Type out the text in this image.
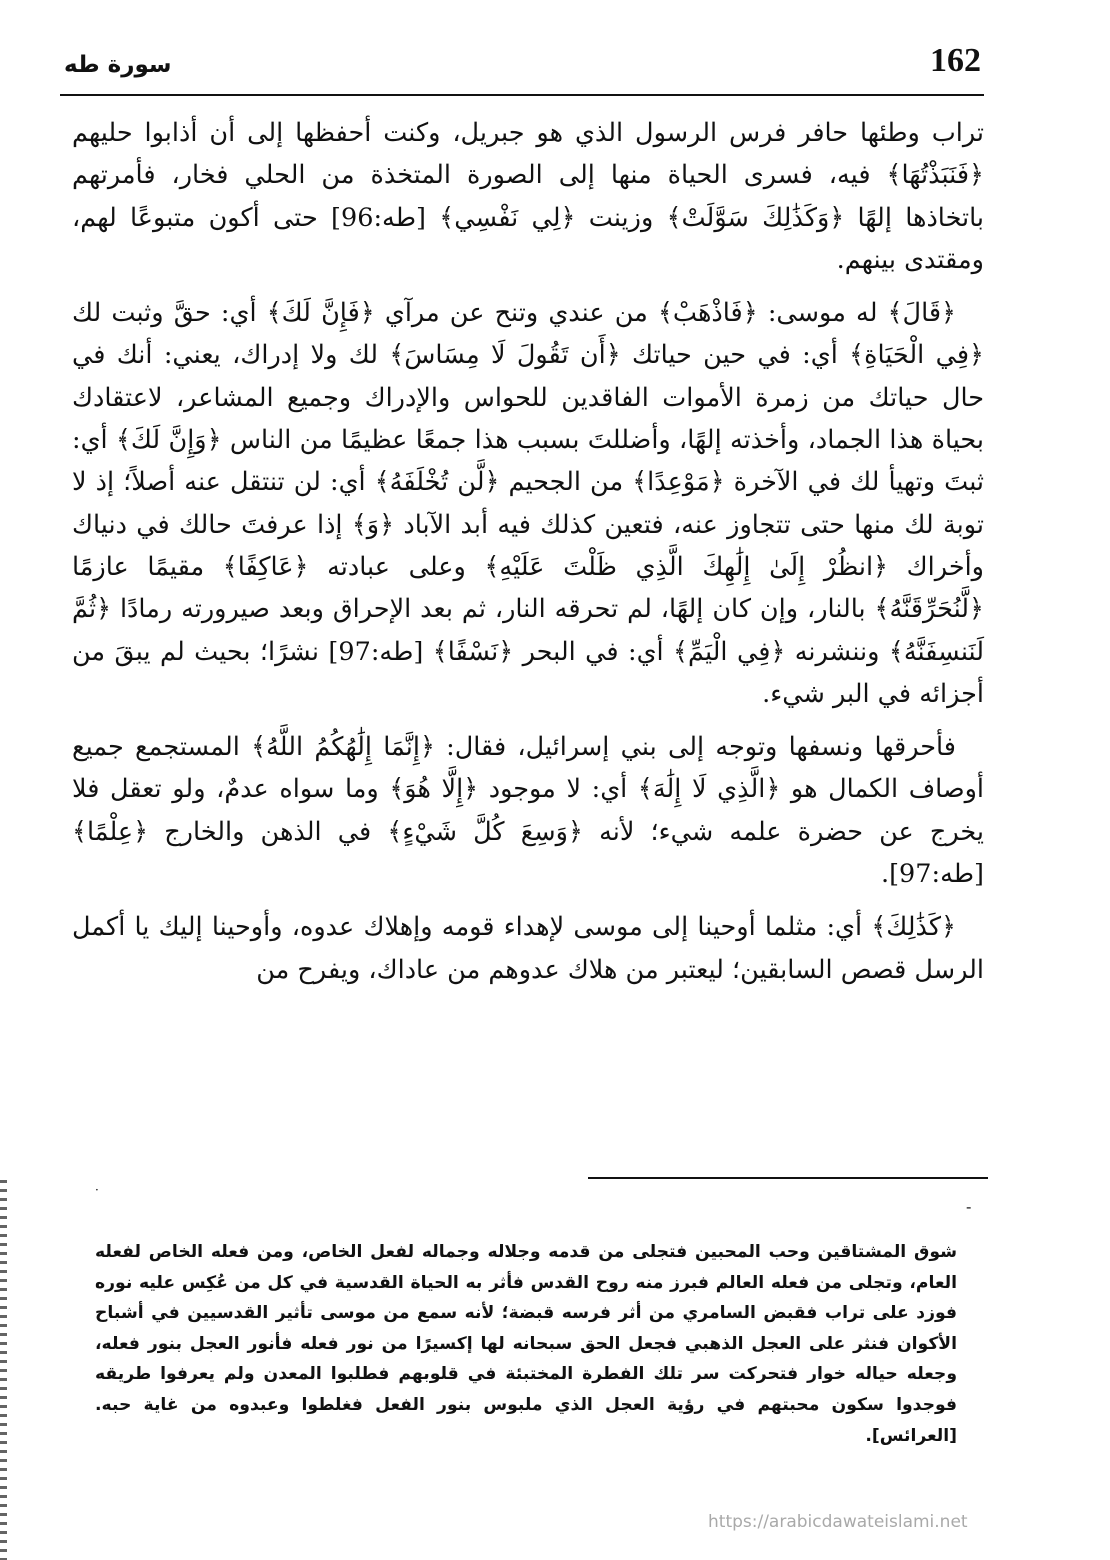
162
سورة طه

تراب وطئها حافر فرس الرسول الذي هو جبريل، وكنت أحفظها إلى أن أذابوا حليهم ﴿فَنَبَذْتُهَا﴾ فيه، فسرى الحياة منها إلى الصورة المتخذة من الحلي فخار، فأمرتهم باتخاذها إلهًا ﴿وَكَذَٰلِكَ سَوَّلَتْ﴾ وزينت ﴿لِي نَفْسِي﴾ [طه:96] حتى أكون متبوعًا لهم، ومقتدى بينهم.

﴿قَالَ﴾ له موسى: ﴿فَاذْهَبْ﴾ من عندي وتنح عن مرآي ﴿فَإِنَّ لَكَ﴾ أي: حقَّ وثبت لك ﴿فِي الْحَيَاةِ﴾ أي: في حين حياتك ﴿أَن تَقُولَ لَا مِسَاسَ﴾ لك ولا إدراك، يعني: أنك في حال حياتك من زمرة الأموات الفاقدين للحواس والإدراك وجميع المشاعر، لاعتقادك بحياة هذا الجماد، وأخذته إلهًا، وأضللتَ بسبب هذا جمعًا عظيمًا من الناس ﴿وَإِنَّ لَكَ﴾ أي: ثبتَ وتهيأ لك في الآخرة ﴿مَوْعِدًا﴾ من الجحيم ﴿لَّن تُخْلَفَهُ﴾ أي: لن تنتقل عنه أصلاً؛ إذ لا توبة لك منها حتى تتجاوز عنه، فتعين كذلك فيه أبد الآباد ﴿وَ﴾ إذا عرفتَ حالك في دنياك وأخراك ﴿انظُرْ إِلَىٰ إِلَٰهِكَ الَّذِي ظَلْتَ عَلَيْهِ﴾ وعلى عبادته ﴿عَاكِفًا﴾ مقيمًا عازمًا ﴿لَّنُحَرِّقَنَّهُ﴾ بالنار، وإن كان إلهًا، لم تحرقه النار، ثم بعد الإحراق وبعد صيرورته رمادًا ﴿ثُمَّ لَنَنسِفَنَّهُ﴾ وننشرنه ﴿فِي الْيَمِّ﴾ أي: في البحر ﴿نَسْفًا﴾ [طه:97] نشرًا؛ بحيث لم يبقَ من أجزائه في البر شيء.

فأحرقها ونسفها وتوجه إلى بني إسرائيل، فقال: ﴿إِنَّمَا إِلَٰهُكُمُ اللَّهُ﴾ المستجمع جميع أوصاف الكمال هو ﴿الَّذِي لَا إِلَٰهَ﴾ أي: لا موجود ﴿إِلَّا هُوَ﴾ وما سواه عدمٌ، ولو تعقل فلا يخرج عن حضرة علمه شيء؛ لأنه ﴿وَسِعَ كُلَّ شَيْءٍ﴾ في الذهن والخارج ﴿عِلْمًا﴾ [طه:97].

﴿كَذَٰلِكَ﴾ أي: مثلما أوحينا إلى موسى لإهداء قومه وإهلاك عدوه، وأوحينا إليك يا أكمل الرسل قصص السابقين؛ ليعتبر من هلاك عدوهم من عاداك، ويفرح من

·
-

شوق المشتاقين وحب المحبين فتجلى من قدمه وجلاله وجماله لفعل الخاص، ومن فعله الخاص لفعله العام، وتجلى من فعله العالم فبرز منه روح القدس فأثر به الحياة القدسية في كل من عُكِس عليه نوره فوزد على تراب فقبض السامري من أثر فرسه قبضة؛ لأنه سمع من موسى تأثير القدسيين في أشباح الأكوان فنثر على العجل الذهبي فجعل الحق سبحانه لها إكسيرًا من نور فعله فأنور العجل بنور فعله، وجعله حياله خوار فتحركت سر تلك الفطرة المختبئة في قلوبهم فطلبوا المعدن ولم يعرفوا طريقه فوجدوا سكون محبتهم في رؤية العجل الذي ملبوس بنور الفعل فغلطوا وعبدوه من غاية حبه. [العرائس].

https://arabicdawateislami.net
